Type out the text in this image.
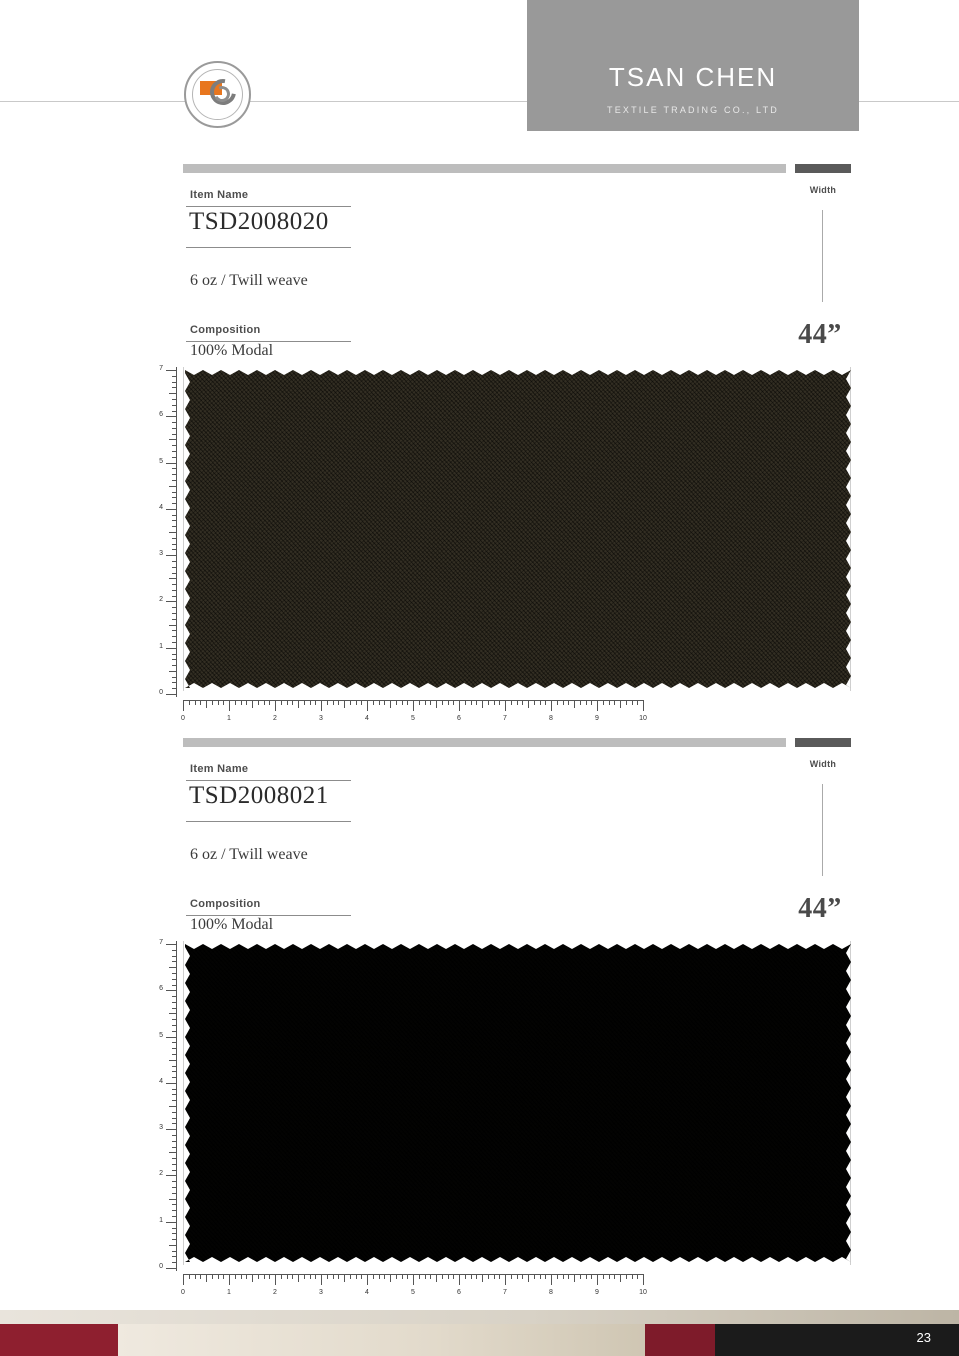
TSAN CHEN
TEXTILE TRADING CO., LTD
Item Name
TSD2008020
6 oz / Twill weave
Composition
100% Modal
Width
44”
0
1
2
3
4
5
6
7
0	1	2	3	4	5	6	7	8	9	10
Item Name
TSD2008021
6 oz / Twill weave
Composition
100% Modal
Width
44”
0
1
2
3
4
5
6
7
0	1	2	3	4	5	6	7	8	9	10
23
